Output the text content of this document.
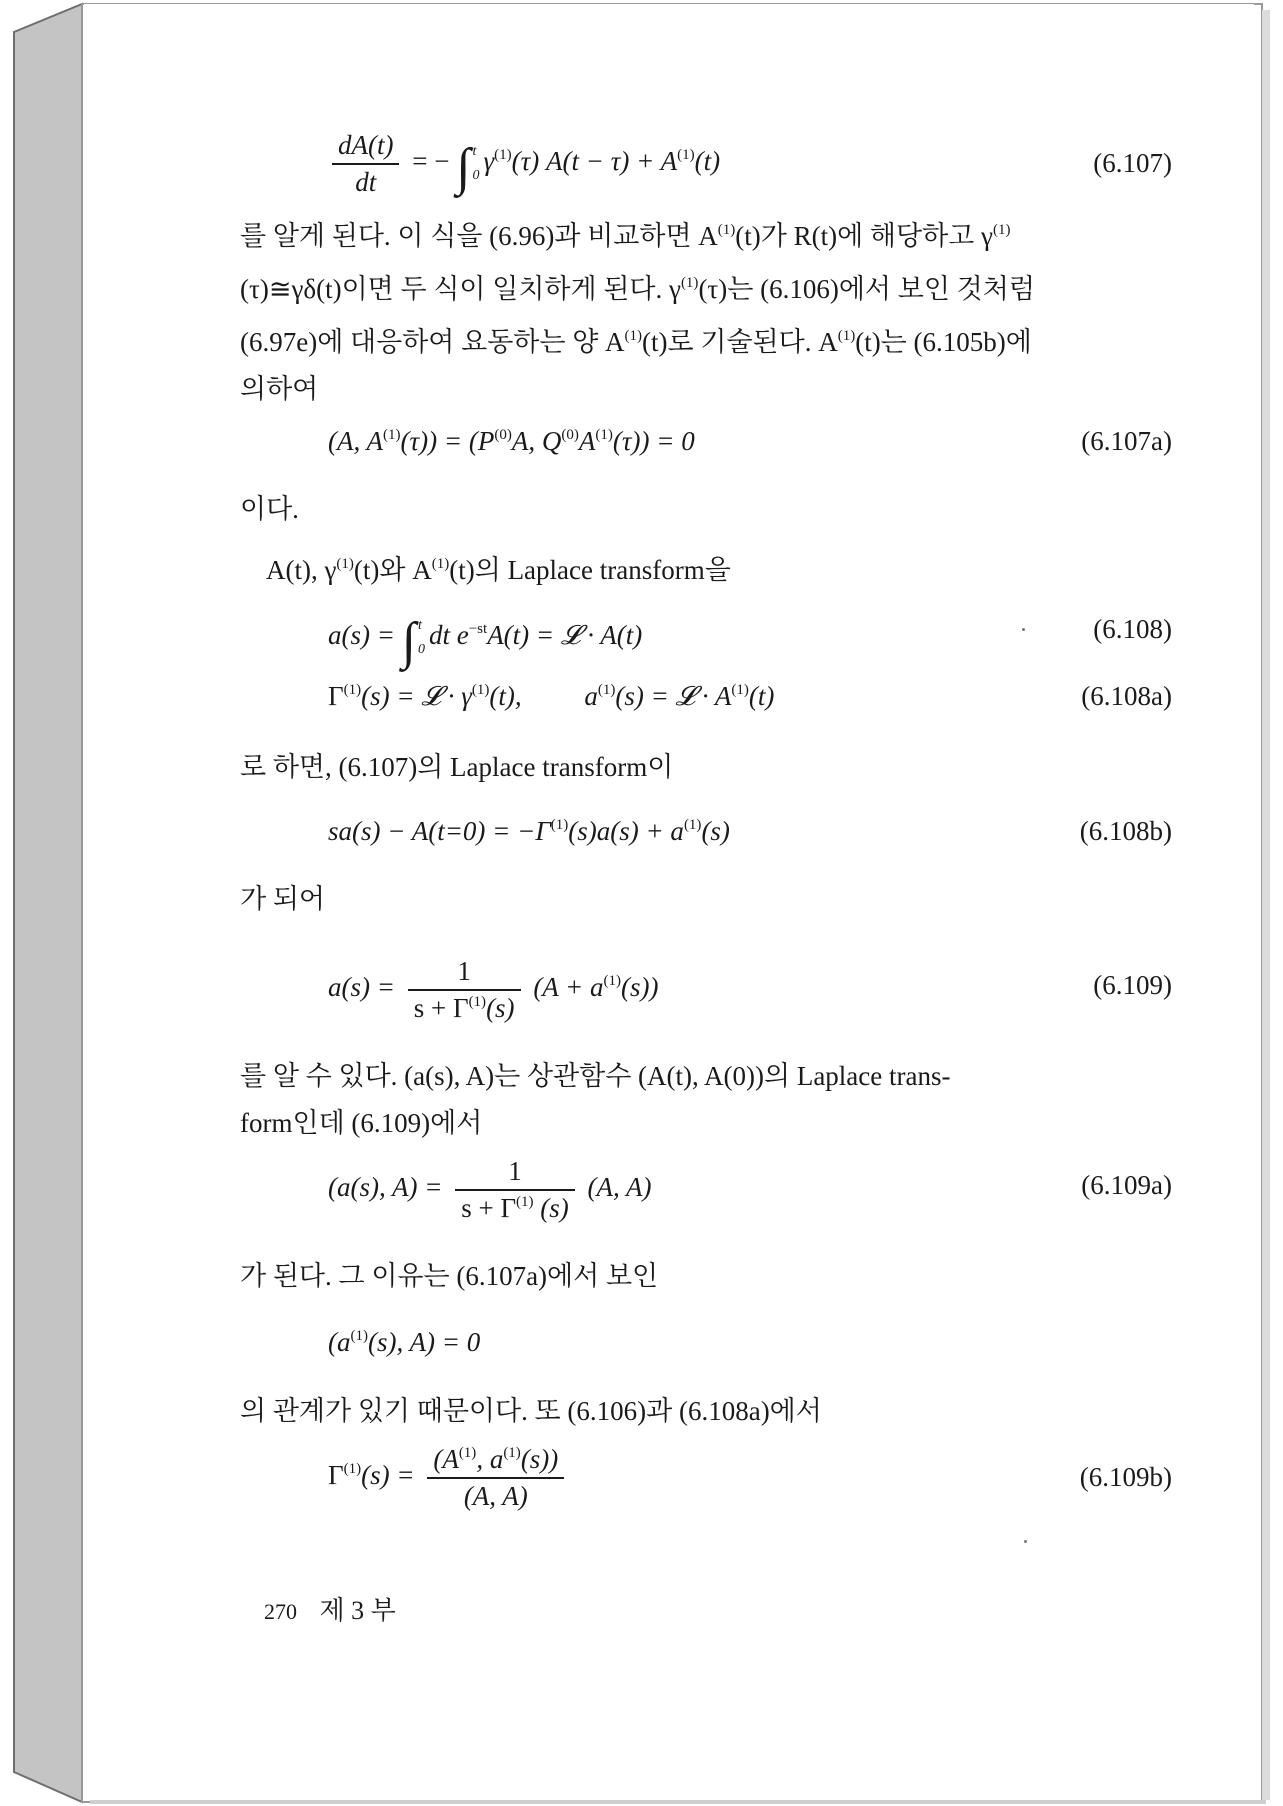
$\frac{dA(t)}{dt}$ = − ∫ t
0 $\gamma^{(1)}(\tau) A(t - \tau) + A^{(1)}(t)$	(6.107)
를 알게 된다. 이 식을 (6.96)과 비교하면 $A^{(1)}(t)$가 R(t)에 해당하고 $\gamma^{(1)}$
(τ)≅γδ(t)이면 두 식이 일치하게 된다. $\gamma^{(1)}(\tau)$는 (6.106)에서 보인 것처럼
(6.97e)에 대응하여 요동하는 양 $A^{(1)}(t)$로 기술된다. $A^{(1)}(t)$는 (6.105b)에
의하여
(A, $A^{(1)}(\tau)) = (P^{(0)}A$, $Q^{(0)}A^{(1)}(\tau)) = 0$	(6.107a)
이다.
A(t), $\gamma^{(1)}(t)$와 $A^{(1)}(t)$의 Laplace transform을
a(s) = ∫ t
0 dt $e^{-st}A(t)$ = 𝓛 · A(t)	(6.108)
$\Gamma^{(1)}(s)$ = 𝓛 · $\gamma^{(1)}(t)$, $a^{(1)}(s)$ = 𝓛 · $A^{(1)}(t)$	(6.108a)
로 하면, (6.107)의 Laplace transform이
$sa(s) - A(t=0) = -\Gamma^{(1)}(s)a(s) + a^{(1)}(s)$	(6.108b)
가 되어
$a(s) = \frac{1}{s + \Gamma^{(1)}(s)} (A + a^{(1)}(s))$	(6.109)
를 알 수 있다. (a(s), A)는 상관함수 (A(t), A(0))의 Laplace trans-
form인데 (6.109)에서
(a(s), $A) = \frac{1}{s + \Gamma^{(1)} (s)} (A$, A)	(6.109a)
가 된다. 그 이유는 (6.107a)에서 보인
($a^{(1)}(s)$, A) = 0
의 관계가 있기 때문이다. 또 (6.106)과 (6.108a)에서
$\Gamma^{(1)}(s) = \frac{(A^{(1)}, a^{(1)}(s))}{(A, A)}$	(6.109b)
270 제 3 부
